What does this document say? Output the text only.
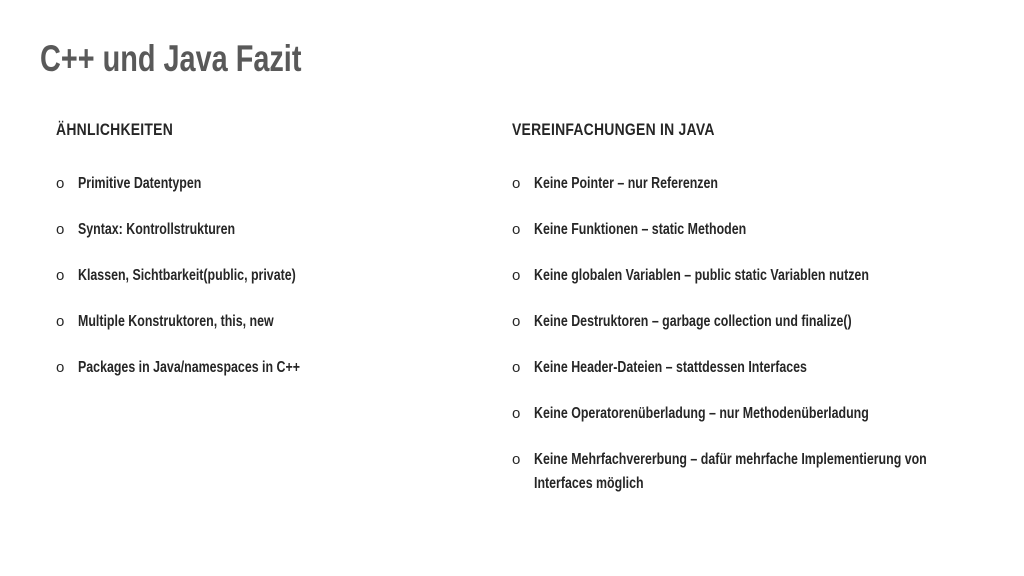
C++ und Java Fazit
ÄHNLICHKEITEN
o Primitive Datentypen
o Syntax: Kontrollstrukturen
o Klassen, Sichtbarkeit(public, private)
o Multiple Konstruktoren, this, new
o Packages in Java/namespaces in C++
VEREINFACHUNGEN IN JAVA
o Keine Pointer – nur Referenzen
o Keine Funktionen – static Methoden
o Keine globalen Variablen – public static Variablen nutzen
o Keine Destruktoren – garbage collection und finalize()
o Keine Header-Dateien – stattdessen Interfaces
o Keine Operatorenüberladung – nur Methodenüberladung
o Keine Mehrfachvererbung – dafür mehrfache Implementierung von Interfaces möglich
